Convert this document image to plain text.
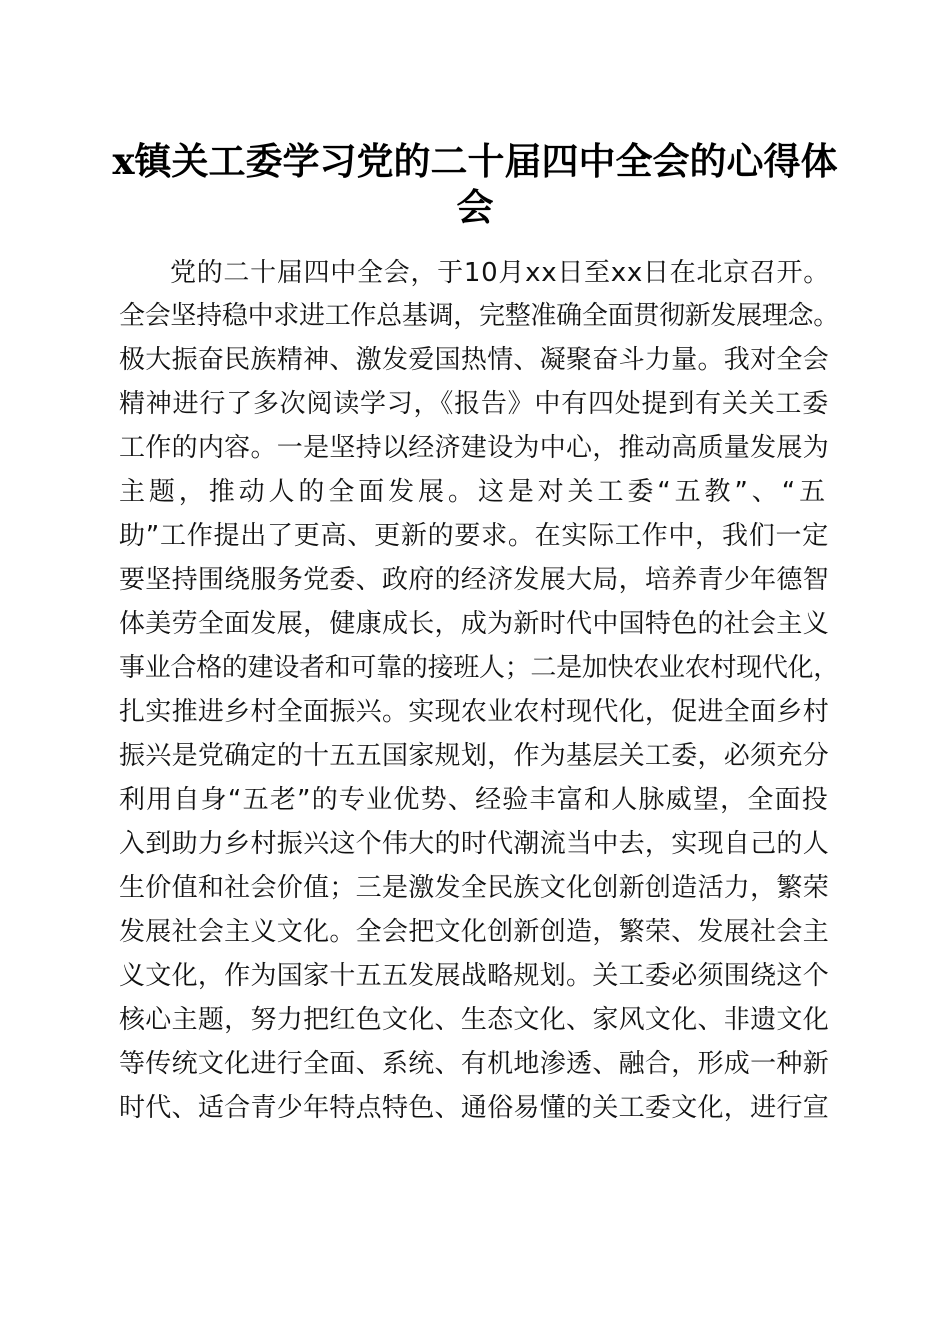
x镇关工委学习党的二十届四中全会的心得体
会

党的二十届四中全会，于10月xx日至xx日在北京召开。

全会坚持稳中求进工作总基调，完整准确全面贯彻新发展理念。

极大振奋民族精神、激发爱国热情、凝聚奋斗力量。我对全会

精神进行了多次阅读学习，《报告》中有四处提到有关关工委

工作的内容。一是坚持以经济建设为中心，推动高质量发展为

主题，推动人的全面发展。这是对关工委“五教”、“五

助”工作提出了更高、更新的要求。在实际工作中，我们一定

要坚持围绕服务党委、政府的经济发展大局，培养青少年德智

体美劳全面发展，健康成长，成为新时代中国特色的社会主义

事业合格的建设者和可靠的接班人；二是加快农业农村现代化，

扎实推进乡村全面振兴。实现农业农村现代化，促进全面乡村

振兴是党确定的十五五国家规划，作为基层关工委，必须充分

利用自身“五老”的专业优势、经验丰富和人脉威望，全面投

入到助力乡村振兴这个伟大的时代潮流当中去，实现自己的人

生价值和社会价值；三是激发全民族文化创新创造活力，繁荣

发展社会主义文化。全会把文化创新创造，繁荣、发展社会主

义文化，作为国家十五五发展战略规划。关工委必须围绕这个

核心主题，努力把红色文化、生态文化、家风文化、非遗文化

等传统文化进行全面、系统、有机地渗透、融合，形成一种新

时代、适合青少年特点特色、通俗易懂的关工委文化，进行宣
